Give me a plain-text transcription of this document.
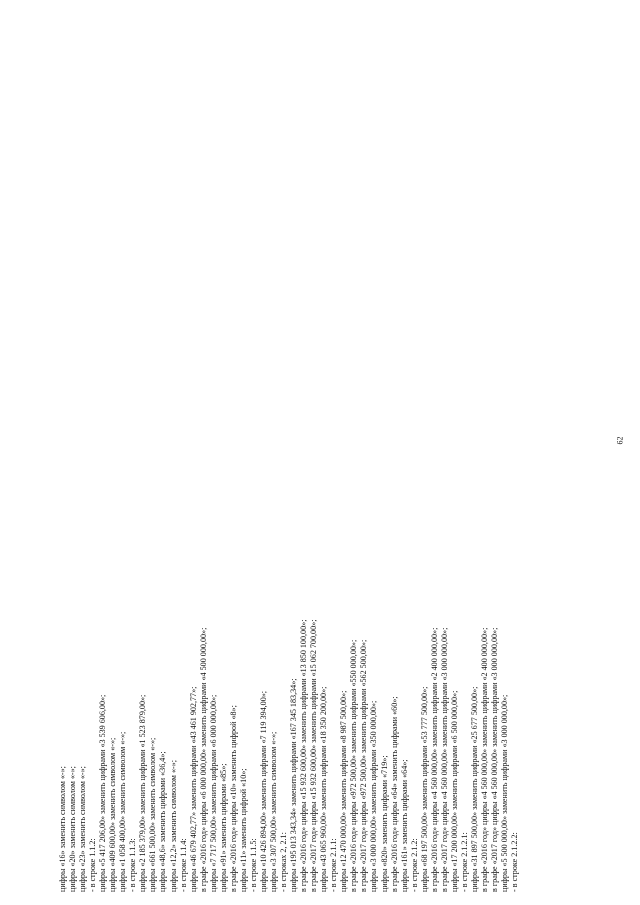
62
цифры «16» заменить символом «-»; цифры «20» заменить символом «-»; цифры «23» заменить символом «-»; - в строке 1.1.2: цифры «5 417 206,00» заменить цифрами «3 539 606,00»; цифры «409 600,00» заменить символом «-»; цифры «1 058 400,00» заменить символом «-»; - в строке 1.1.3: цифры «2 185 379,00» заменить цифрами «1 523 879,00»; цифры «661 500,00» заменить символом «-»; цифры «48,6» заменить цифрами «36,4»; цифры «12,2» заменить символом «-»; - в строке 1.1.4: цифры «46 679 402,77» заменить цифрами «43 461 902,77»; в графе «2016 год» цифры «6 000 000,00» заменить цифрами «4 500 000,00»; цифры «7 717 500,00» заменить цифрами «6 000 000,00»; цифры «91» заменить цифрами «85»; в графе «2016 год» цифры «10» заменить цифрой «8»; цифры «11» заменить цифрой «10»; - в строке 1.1.5: цифры «10 426 894,00» заменить цифрами «7 119 394,00»; цифры «3 307 500,00» заменить символом «-»; - в строках 2, 2.1: цифры «195 013 343,34» заменить цифрами «167 345 183,34»; в графе «2016 год» цифры «15 932 600,00» заменить цифрами «13 850 100,00»; в графе «2017 год» цифры «15 932 600,00» заменить цифрами «15 062 700,00»; цифры «43 065 960,00» заменить цифрами «18 350 200,00»; - в строке 2.1.1: цифры «12 470 000,00» заменить цифрами «8 987 500,00»; в графе «2016 год» цифры «972 500,00» заменить цифрами «550 000,00»; в графе «2017 год» цифры «972 500,00» заменить цифрами «562 500,00»; цифры «3 000 000,00» заменить цифрами «350 000,00»; цифры «820» заменить цифрами «719»; в графе «2016 год» цифры «64» заменить цифрами «60»; цифры «161» заменить цифрами «64»; - в строке 2.1.2: цифры «68 197 500,00» заменить цифрами «53 777 500,00»; в графе «2016 год» цифры «4 560 000,00» заменить цифрами «2 400 000,00»; в графе «2017 год» цифры «4 560 000,00» заменить цифрами «3 000 000,00»; цифры «17 200 000,00» заменить цифрами «6 500 000,00»; - в строке 2.1.2.1: цифры «31 897 500,00» заменить цифрами «25 677 500,00»; в графе «2016 год» цифры «4 560 000,00» заменить цифрами «2 400 000,00»; в графе «2017 год» цифры «4 560 000,00» заменить цифрами «3 000 000,00»; цифры «5 500 000,00» заменить цифрами «3 000 000,00»; - в строке 2.1.2.2:
